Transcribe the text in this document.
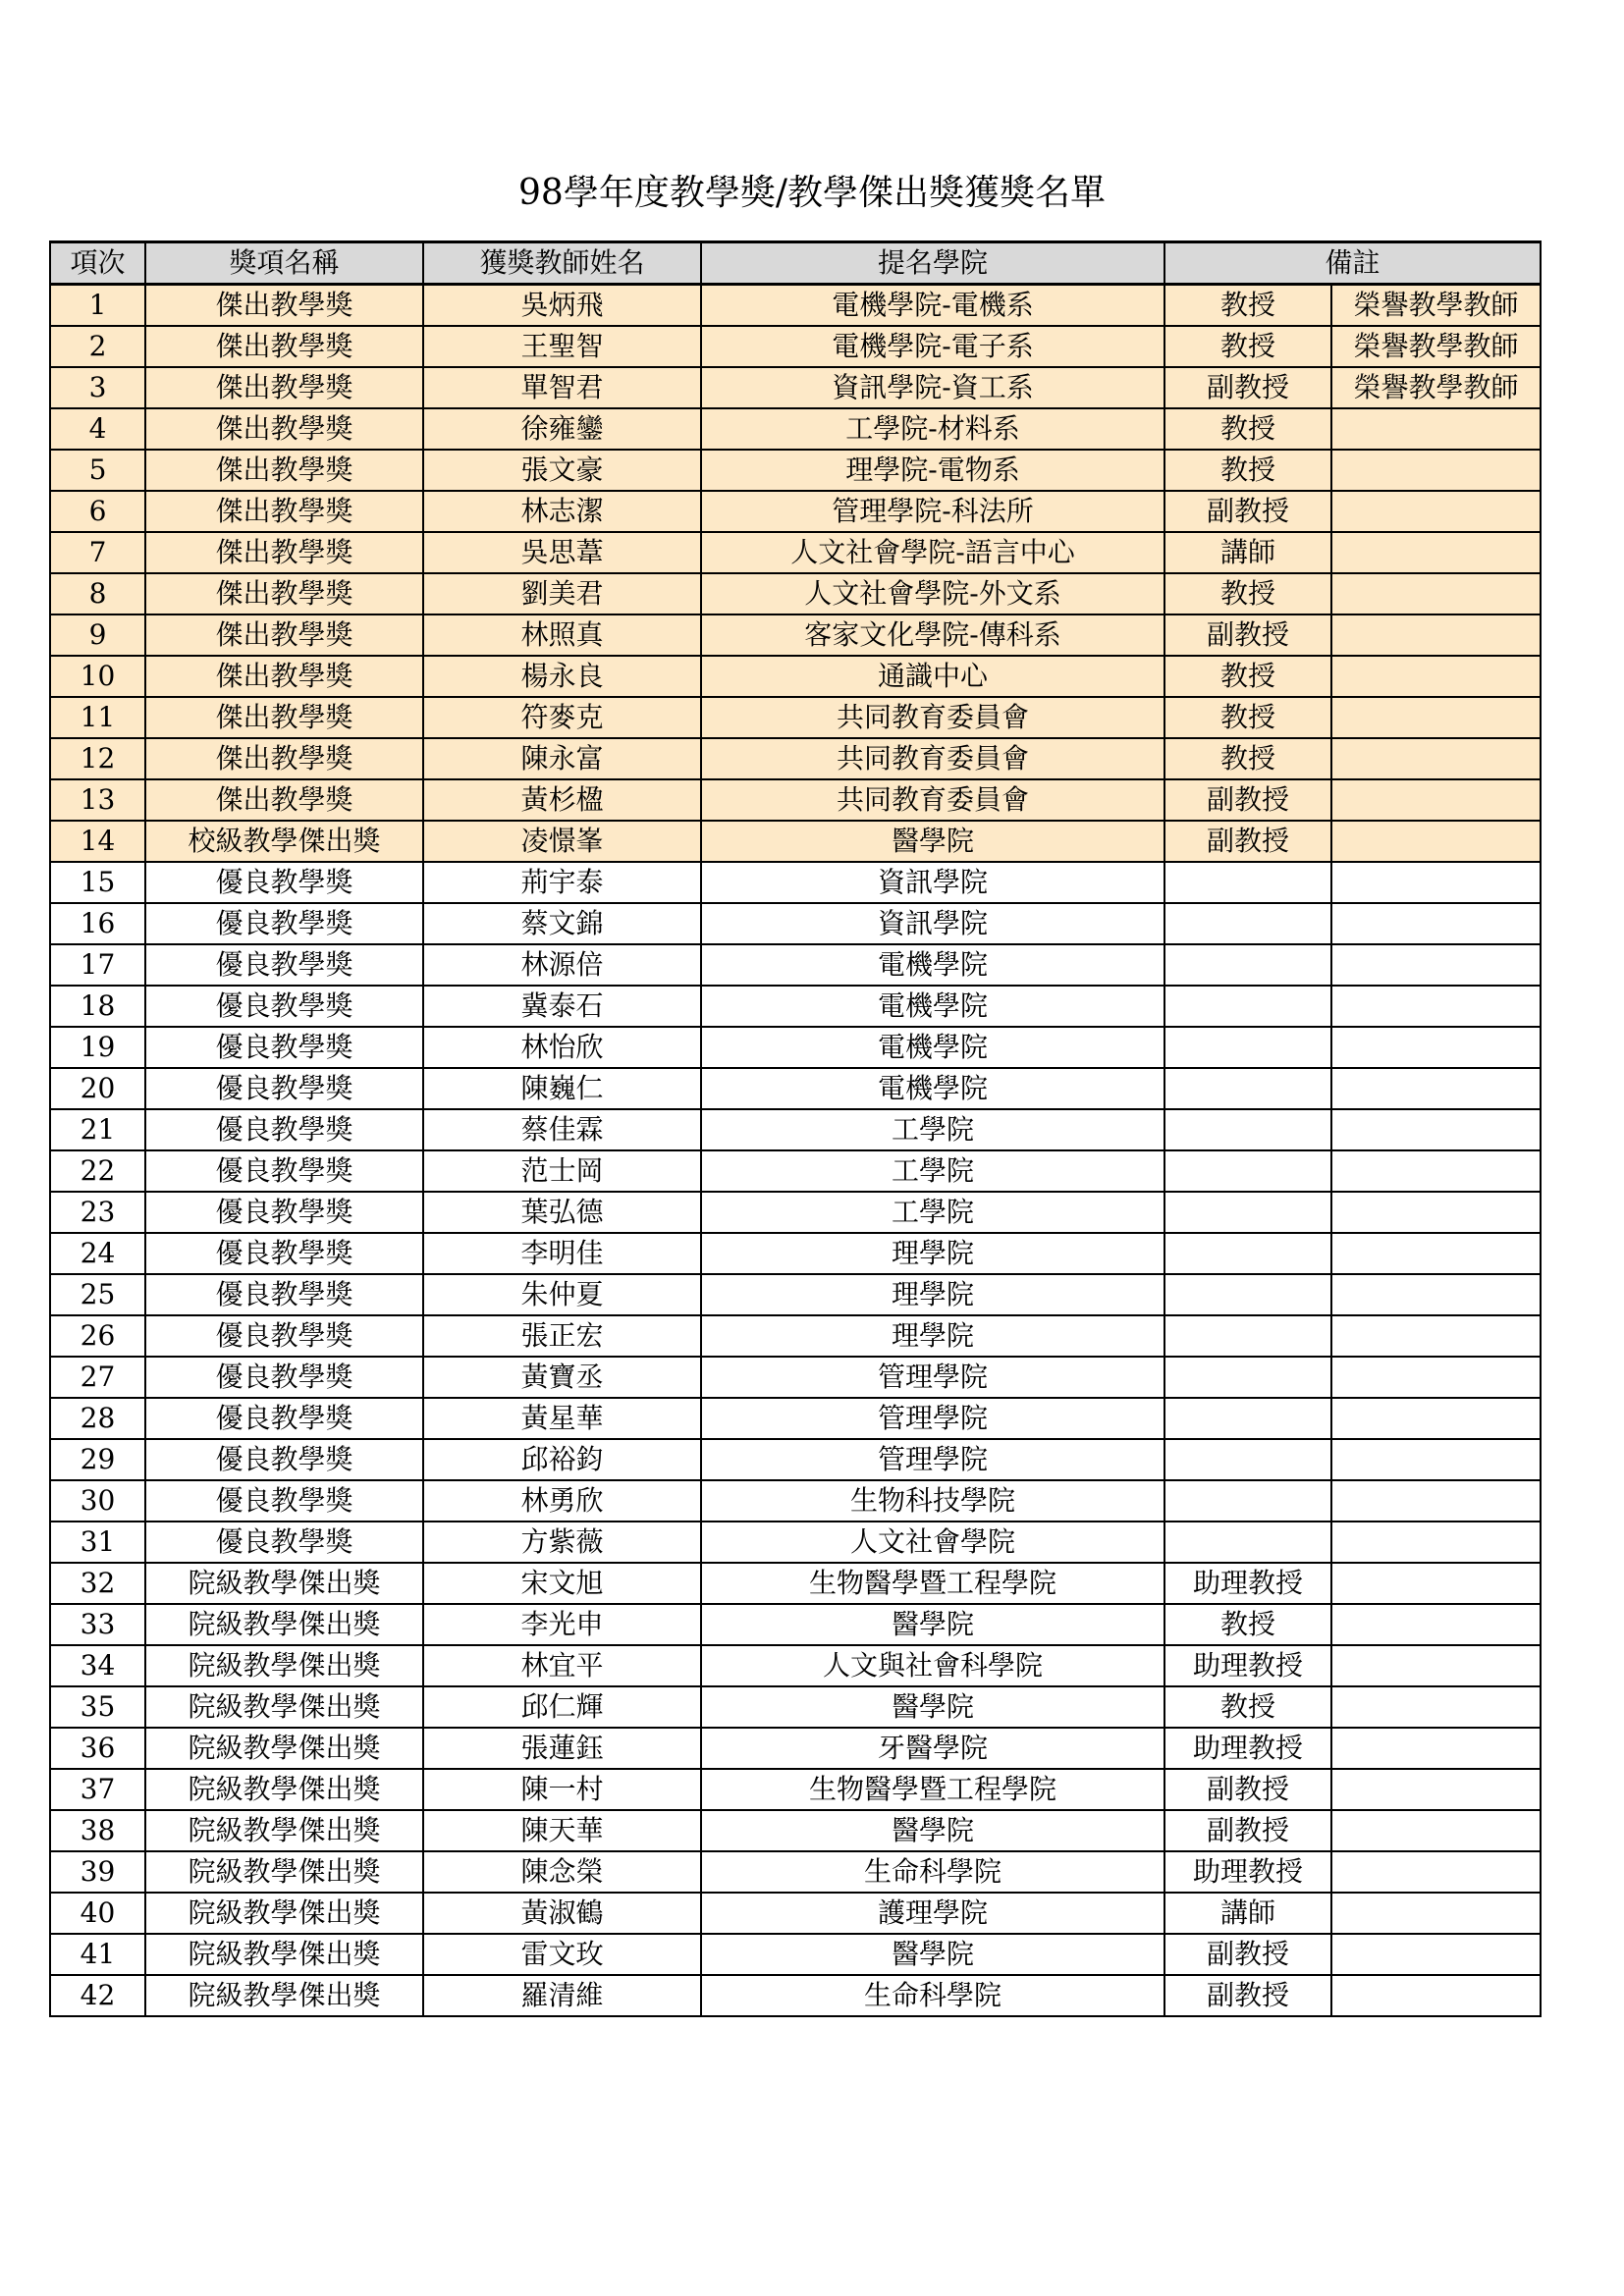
98學年度教學獎/教學傑出獎獲獎名單
項次	獎項名稱	獲獎教師姓名	提名學院	備註	
1	傑出教學獎	吳炳飛	電機學院-電機系	教授	榮譽教學教師
2	傑出教學獎	王聖智	電機學院-電子系	教授	榮譽教學教師
3	傑出教學獎	單智君	資訊學院-資工系	副教授	榮譽教學教師
4	傑出教學獎	徐雍鑾	工學院-材料系	教授	
5	傑出教學獎	張文豪	理學院-電物系	教授	
6	傑出教學獎	林志潔	管理學院-科法所	副教授	
7	傑出教學獎	吳思葦	人文社會學院-語言中心	講師	
8	傑出教學獎	劉美君	人文社會學院-外文系	教授	
9	傑出教學獎	林照真	客家文化學院-傳科系	副教授	
10	傑出教學獎	楊永良	通識中心	教授	
11	傑出教學獎	符麥克	共同教育委員會	教授	
12	傑出教學獎	陳永富	共同教育委員會	教授	
13	傑出教學獎	黃杉楹	共同教育委員會	副教授	
14	校級教學傑出獎	凌憬峯	醫學院	副教授	
15	優良教學獎	荊宇泰	資訊學院		
16	優良教學獎	蔡文錦	資訊學院		
17	優良教學獎	林源倍	電機學院		
18	優良教學獎	冀泰石	電機學院		
19	優良教學獎	林怡欣	電機學院		
20	優良教學獎	陳巍仁	電機學院		
21	優良教學獎	蔡佳霖	工學院		
22	優良教學獎	范士岡	工學院		
23	優良教學獎	葉弘德	工學院		
24	優良教學獎	李明佳	理學院		
25	優良教學獎	朱仲夏	理學院		
26	優良教學獎	張正宏	理學院		
27	優良教學獎	黃寶丞	管理學院		
28	優良教學獎	黃星華	管理學院		
29	優良教學獎	邱裕鈞	管理學院		
30	優良教學獎	林勇欣	生物科技學院		
31	優良教學獎	方紫薇	人文社會學院		
32	院級教學傑出獎	宋文旭	生物醫學暨工程學院	助理教授	
33	院級教學傑出獎	李光申	醫學院	教授	
34	院級教學傑出獎	林宜平	人文與社會科學院	助理教授	
35	院級教學傑出獎	邱仁輝	醫學院	教授	
36	院級教學傑出獎	張蓮鈺	牙醫學院	助理教授	
37	院級教學傑出獎	陳一村	生物醫學暨工程學院	副教授	
38	院級教學傑出獎	陳天華	醫學院	副教授	
39	院級教學傑出獎	陳念榮	生命科學院	助理教授	
40	院級教學傑出獎	黃淑鶴	護理學院	講師	
41	院級教學傑出獎	雷文玫	醫學院	副教授	
42	院級教學傑出獎	羅清維	生命科學院	副教授	
